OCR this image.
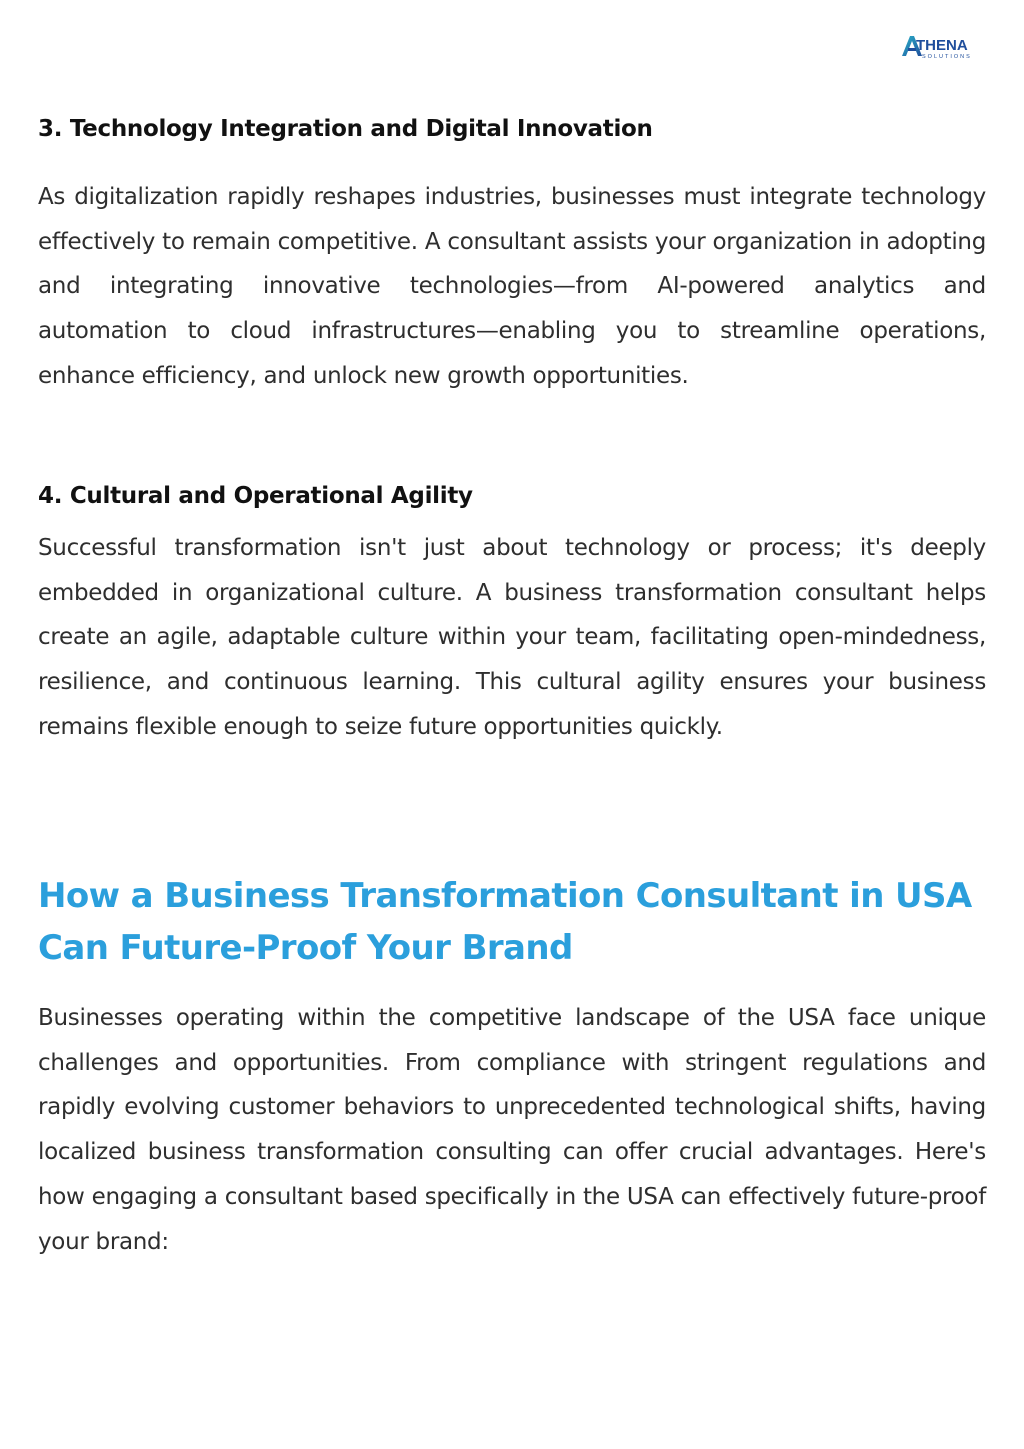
THENA
SOLUTIONS
3. Technology Integration and Digital Innovation

As digitalization rapidly reshapes industries, businesses must integrate technology effectively to remain competitive. A consultant assists your organization in adopting and integrating innovative technologies—from AI-powered analytics and automation to cloud infrastructures—enabling you to streamline operations, enhance efficiency, and unlock new growth opportunities.

4. Cultural and Operational Agility

Successful transformation isn't just about technology or process; it's deeply embedded in organizational culture. A business transformation consultant helps create an agile, adaptable culture within your team, facilitating open-mindedness, resilience, and continuous learning. This cultural agility ensures your business remains flexible enough to seize future opportunities quickly.

How a Business Transformation Consultant in USA Can Future-Proof Your Brand

Businesses operating within the competitive landscape of the USA face unique challenges and opportunities. From compliance with stringent regulations and rapidly evolving customer behaviors to unprecedented technological shifts, having localized business transformation consulting can offer crucial advantages. Here's how engaging a consultant based specifically in the USA can effectively future-proof your brand:
